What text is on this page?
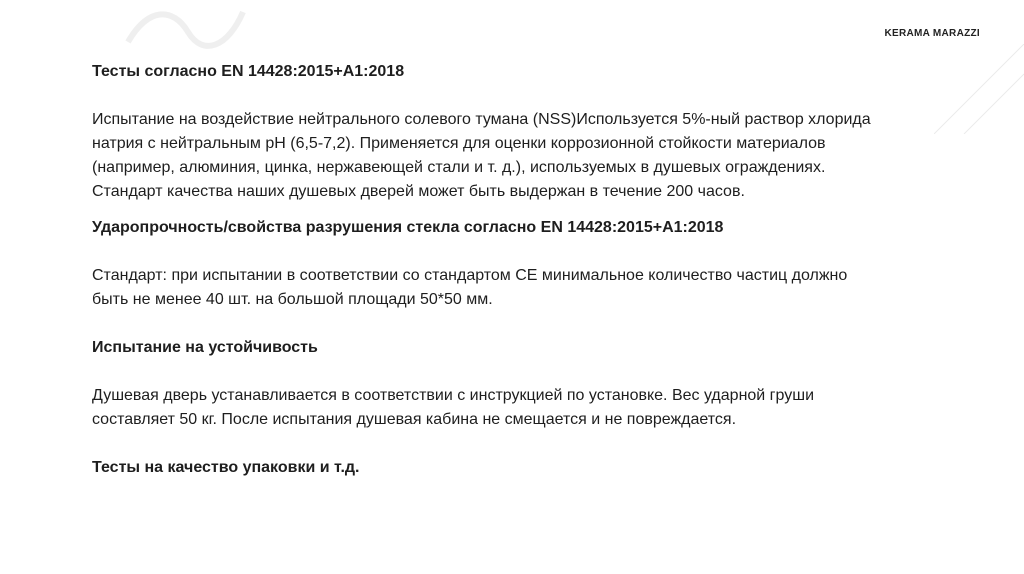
KERAMA MARAZZI

Тесты согласно EN 14428:2015+A1:2018

Испытание на воздействие нейтрального солевого тумана (NSS)Используется 5%-ный раствор хлорида натрия с нейтральным pH (6,5-7,2). Применяется для оценки коррозионной стойкости материалов (например, алюминия, цинка, нержавеющей стали и т. д.), используемых в душевых ограждениях. Стандарт качества наших душевых дверей может быть выдержан в течение 200 часов.

Ударопрочность/свойства разрушения стекла согласно EN 14428:2015+A1:2018

Стандарт: при испытании в соответствии со стандартом CE минимальное количество частиц должно быть не менее 40 шт. на большой площади 50*50 мм.

Испытание на устойчивость

Душевая дверь устанавливается в соответствии с инструкцией по установке. Вес ударной груши составляет 50 кг. После испытания душевая кабина не смещается и не повреждается.

Тесты на качество упаковки и т.д.
